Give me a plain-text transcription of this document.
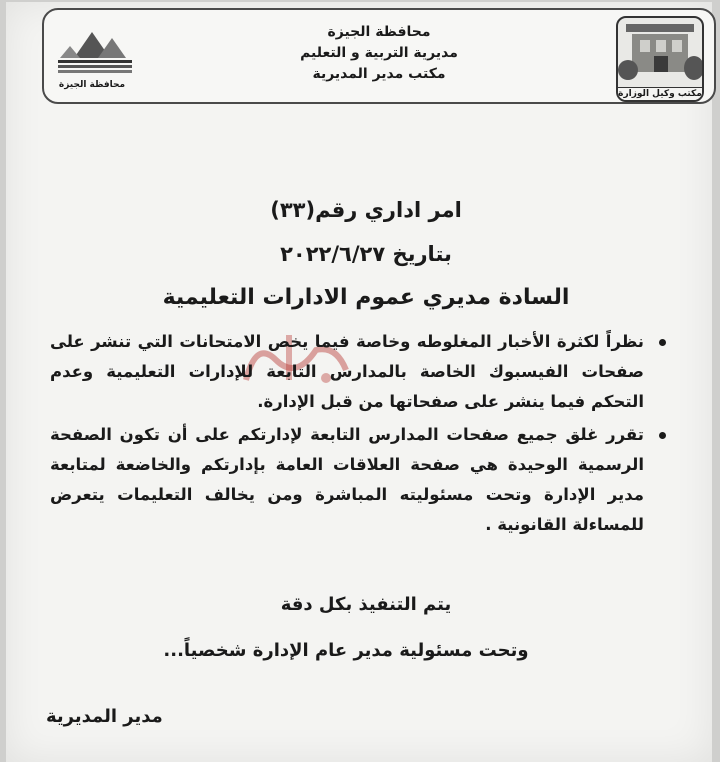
محافظة الجيزة
محافظة الجيزة
مديرية التربية و التعليم
مكتب مدير المديرية
مكتب وكيل الوزارة
امر اداري رقم(٣٣)
بتاريخ ٢٠٢٢/٦/٢٧
السادة مديري عموم الادارات التعليمية
نظراً لكثرة الأخبار المغلوطه وخاصة فيما يخص الامتحانات التي تنشر على صفحات الفيسبوك الخاصة بالمدارس التابعة للإدارات التعليمية وعدم التحكم فيما ينشر على صفحاتها من قبل الإدارة.
تقرر غلق جميع صفحات المدارس التابعة لإدارتكم على أن تكون الصفحة الرسمية الوحيدة هي صفحة العلاقات العامة بإدارتكم والخاضعة لمتابعة مدير الإدارة وتحت مسئوليته المباشرة ومن يخالف التعليمات يتعرض للمساءلة القانونية .
يتم التنفيذ بكل دقة
وتحت مسئولية مدير عام الإدارة شخصياً...
مدير المديرية
